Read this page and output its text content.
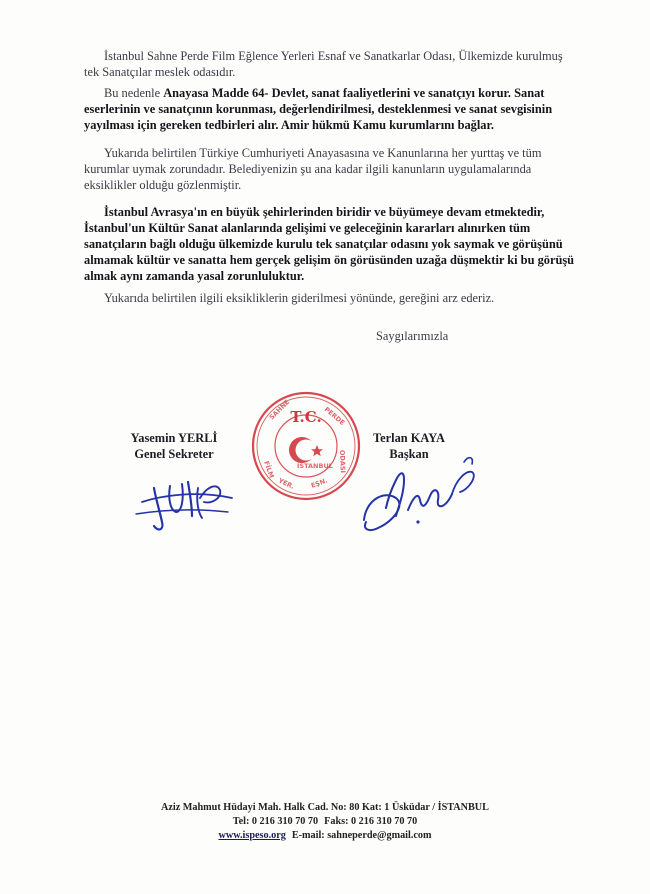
İstanbul Sahne Perde Film Eğlence Yerleri Esnaf ve Sanatkarlar Odası, Ülkemizde kurulmuş

tek Sanatçılar meslek odasıdır.

Bu nedenle Anayasa Madde 64- Devlet, sanat faaliyetlerini ve sanatçıyı korur. Sanat

eserlerinin ve sanatçının korunması, değerlendirilmesi, desteklenmesi ve sanat sevgisinin

yayılması için gereken tedbirleri alır. Amir hükmü Kamu kurumlarını bağlar.

Yukarıda belirtilen Türkiye Cumhuriyeti Anayasasına ve Kanunlarına her yurttaş ve tüm

kurumlar uymak zorundadır. Belediyenizin şu ana kadar ilgili kanunların uygulamalarında

eksiklikler olduğu gözlenmiştir.

İstanbul Avrasya'ın en büyük şehirlerinden biridir ve büyümeye devam etmektedir,

İstanbul'un Kültür Sanat alanlarında gelişimi ve geleceğinin kararları alınırken tüm

sanatçıların bağlı olduğu ülkemizde kurulu tek sanatçılar odasını yok saymak ve görüşünü

almamak kültür ve sanatta hem gerçek gelişim ön görüsünden uzağa düşmektir ki bu görüşü

almak aynı zamanda yasal zorunluluktur.

Yukarıda belirtilen ilgili eksikliklerin giderilmesi yönünde, gereğini arz ederiz.

Saygılarımızla
Yasemin YERLİ
Genel Sekreter
Terlan KAYA
Başkan
SAHNE	PERDE
ODASI
EŞN.
YER.
FİLM	İSTANBUL
T.C.
Aziz Mahmut Hüdayi Mah. Halk Cad. No: 80 Kat: 1 Üsküdar / İSTANBUL
Tel: 0 216 310 70 70 Faks: 0 216 310 70 70
www.ispeso.org E-mail: sahneperde@gmail.com
